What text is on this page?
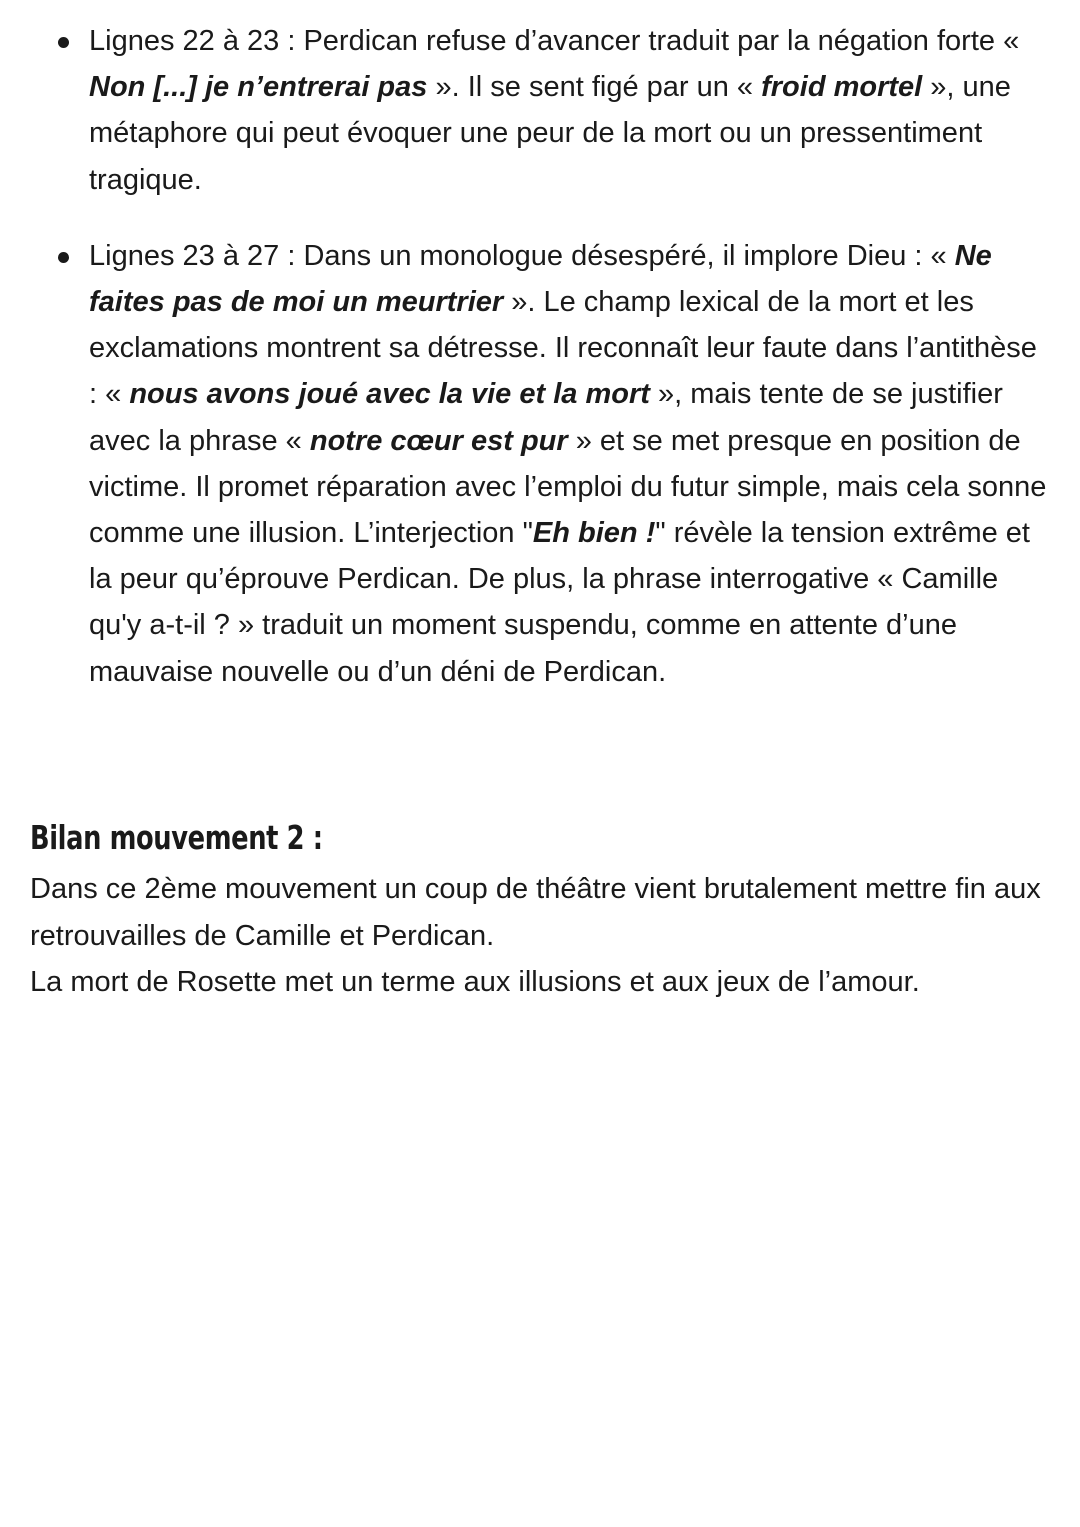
Lignes 22 à 23 : Perdican refuse d’avancer traduit par la négation forte « Non [...] je n’entrerai pas ». Il se sent figé par un « froid mortel », une métaphore qui peut évoquer une peur de la mort ou un pressentiment tragique.
Lignes 23 à 27 : Dans un monologue désespéré, il implore Dieu : « Ne faites pas de moi un meurtrier ». Le champ lexical de la mort et les exclamations montrent sa détresse. Il reconnaît leur faute dans l’antithèse : « nous avons joué avec la vie et la mort », mais tente de se justifier avec la phrase « notre cœur est pur » et se met presque en position de victime. Il promet réparation avec l’emploi du futur simple, mais cela sonne comme une illusion. L’interjection "Eh bien !" révèle la tension extrême et la peur qu’éprouve Perdican. De plus, la phrase interrogative « Camille qu'y a-t-il ? » traduit un moment suspendu, comme en attente d’une mauvaise nouvelle ou d’un déni de Perdican.
Bilan mouvement 2 :

Dans ce 2ème mouvement un coup de théâtre vient brutalement mettre fin aux retrouvailles de Camille et Perdican.

La mort de Rosette met un terme aux illusions et aux jeux de l’amour.
